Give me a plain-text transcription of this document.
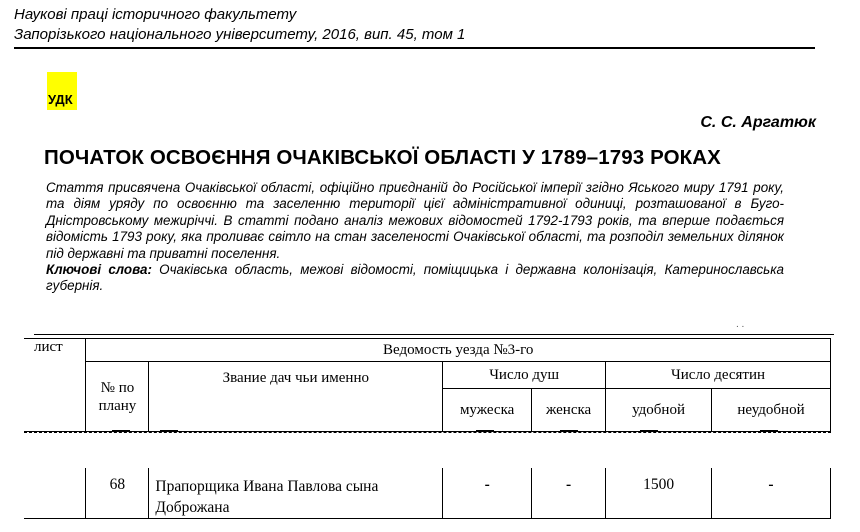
Наукові праці історичного факультету
Запорізького національного університету, 2016, вип. 45, том 1
УДК
С. С. Аргатюк
ПОЧАТОК ОСВОЄННЯ ОЧАКІВСЬКОЇ ОБЛАСТІ У 1789–1793 РОКАХ
Стаття присвячена Очаківської області, офіційно приєднаній до Російської імперії згідно Яського миру 1791 року, та діям уряду по освоєнню та заселенню території цієї адміністративної одиниці, розташованої в Буго-Дністровському межиріччі. В статті подано аналіз межових відомостей 1792-1793 років, та вперше подається відомість 1793 року, яка проливає світло на стан заселеності Очаківської області, та розподіл земельних ділянок під державні та приватні поселення.
Ключові слова: Очаківська область, межові відомості, поміщицька і державна колонізація, Катеринославська губернія.
. .
лист	Ведомость уезда №3-го					
	№ по плану	Звание дач чьи именно	Число душ		Число десятин	
			мужеска	женска	удобной	неудобной
	68	Прапорщика Ивана Павлова сына Доброжана	-	-	1500	-
